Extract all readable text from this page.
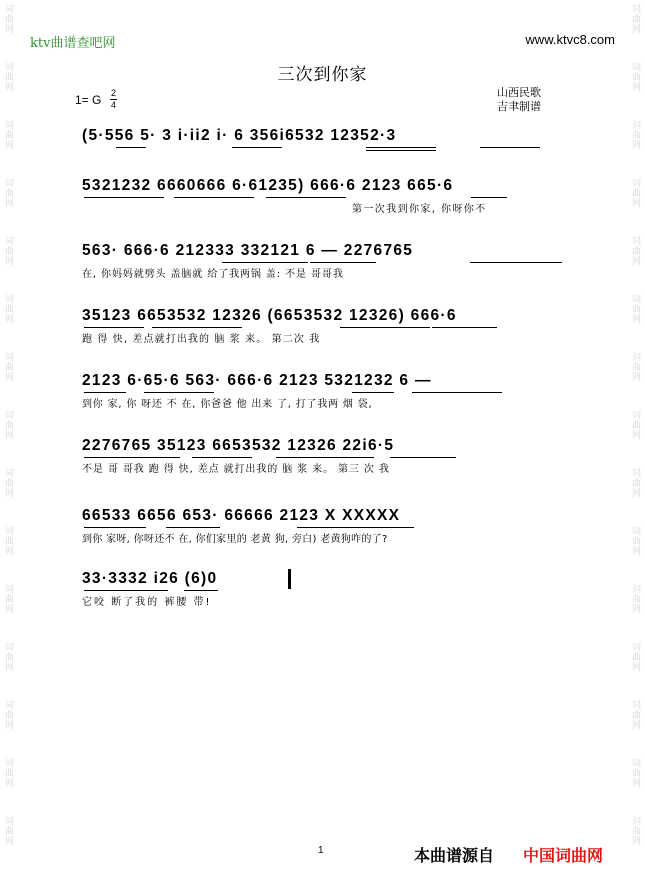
词曲网
词曲网
词曲网
词曲网
词曲网
词曲网
词曲网
词曲网
词曲网
词曲网
词曲网
词曲网
词曲网
词曲网
词曲网
词曲网
词曲网
词曲网
词曲网
词曲网
词曲网
词曲网
词曲网
词曲网
词曲网
词曲网
词曲网
词曲网
词曲网
词曲网
ktv曲谱查吧网	www.ktvc8.com
三次到你家
1= G 2
4
山西民歌
吉聿制谱
(5·556 5· 3 i·ii2 i· 6 356i6532 12352·3
5321232 6660666 6·61235) 666·6 2123 665·6
第一次我到你家, 你呀你不
563· 666·6 212333 332121 6 — 2276765
在, 你妈妈就劈头 盖脑就 给了我两锅 盖: 不是 哥哥我
35123 6653532 12326 (6653532 12326) 666·6
跑 得 快, 差点就打出我的 脑 浆 来。 第二次 我
2123 6·65·6 563· 666·6 2123 5321232 6 —
到你 家, 你 呀还 不 在, 你爸爸 他 出来 了, 打了我两 烟 袋,
2276765 35123 6653532 12326 22i6·5
不是 哥 哥我 跑 得 快, 差点 就打出我的 脑 浆 来。 第三 次 我
66533 6656 653· 66666 2123 X XXXXX
到你 家呀, 你呀还不 在, 你们家里的 老黄 狗, 旁白) 老黄狗咋的了?
33·3332 i26 (6)0
它咬 断了我的 裤腰 带!
1	本曲谱源自 中国词曲网
